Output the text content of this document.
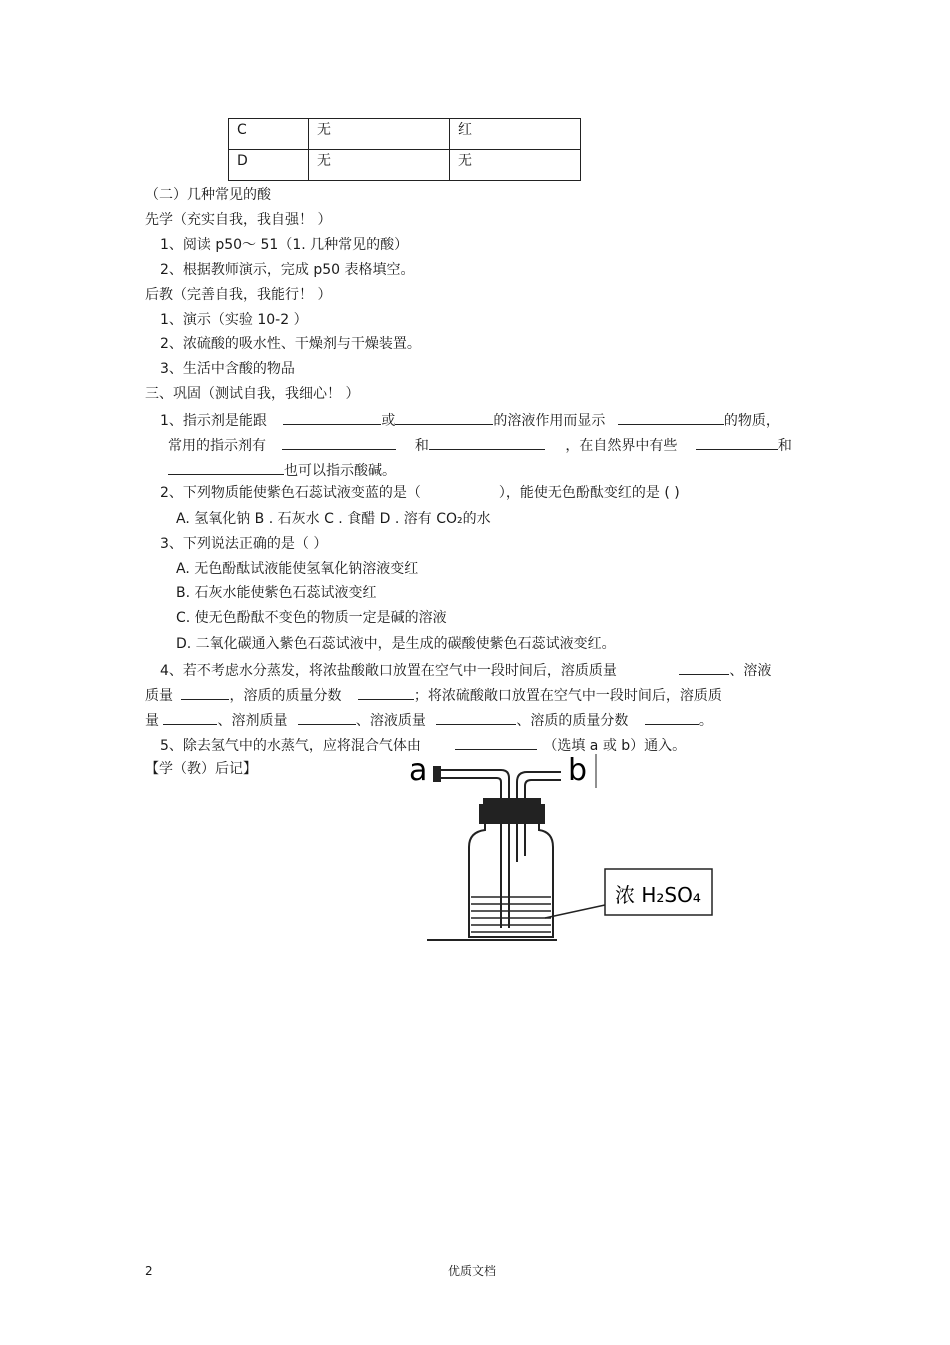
C	无	红
D	无	无
（二）几种常见的酸
先学（充实自我，我自强！ ）
1、阅读 p50～ 51（1. 几种常见的酸）
2、根据教师演示，完成 p50 表格填空。
后教（完善自我，我能行！ ）
1、演示（实验 10-2 ）
2、浓硫酸的吸水性、干燥剂与干燥装置。
3、生活中含酸的物品
三、巩固（测试自我，我细心！ ）
1、指示剂是能跟	或	的溶液作用而显示	的物质，
常用的指示剂有	和	，在自然界中有些	和
也可以指示酸碱。
2、下列物质能使紫色石蕊试液变蓝的是（	），能使无色酚酞变红的是 ( )
A. 氢氧化钠 B . 石灰水 C . 食醋 D . 溶有 CO₂的水
3、下列说法正确的是（ ）
A. 无色酚酞试液能使氢氧化钠溶液变红
B. 石灰水能使紫色石蕊试液变红
C. 使无色酚酞不变色的物质一定是碱的溶液
D. 二氧化碳通入紫色石蕊试液中，是生成的碳酸使紫色石蕊试液变红。
4、若不考虑水分蒸发，将浓盐酸敞口放置在空气中一段时间后，溶质质量	、溶液
质量	，溶质的质量分数	；将浓硫酸敞口放置在空气中一段时间后，溶质质
量	、溶剂质量	、溶液质量	、溶质的质量分数	。
5、除去氢气中的水蒸气，应将混合气体由	（选填 a 或 b）通入。
【学（教）后记】	a	b
浓 H₂SO₄
2	优质文档
